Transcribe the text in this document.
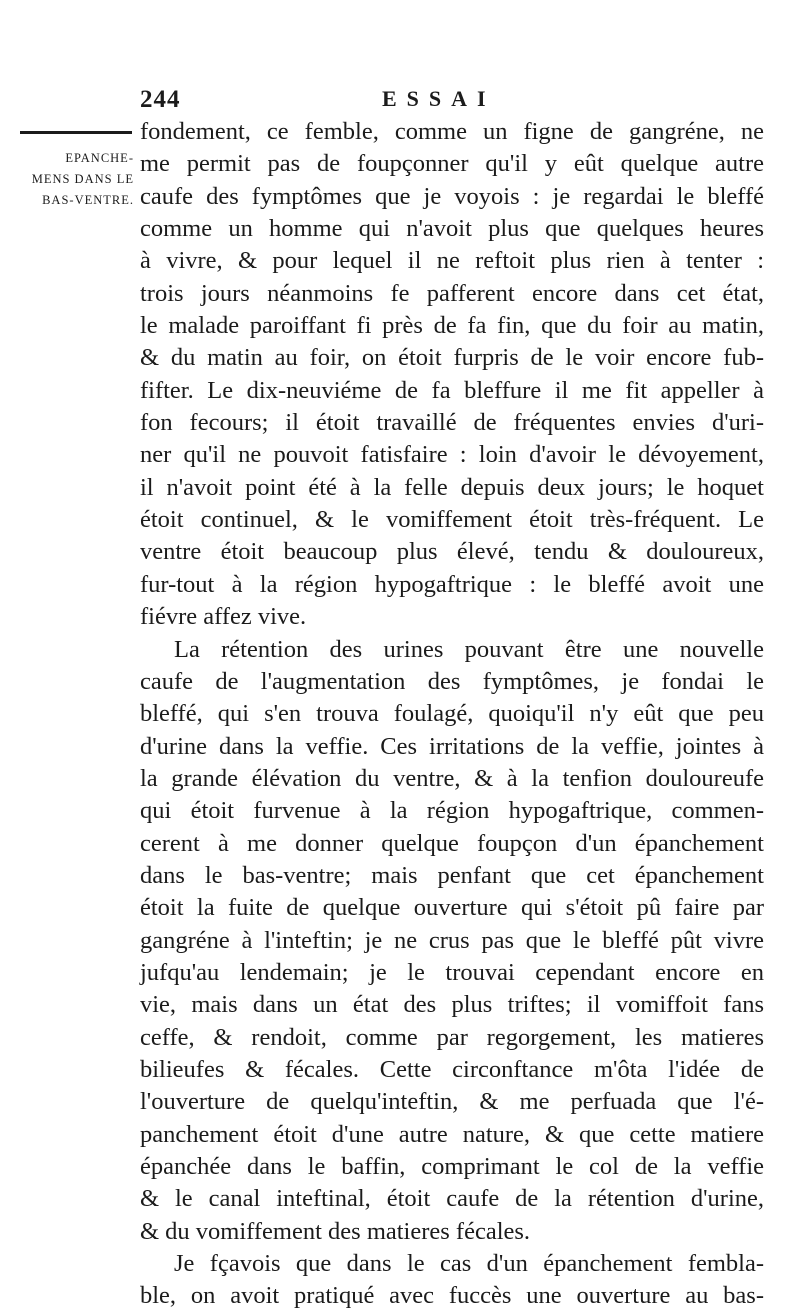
244	ESSAI
EPANCHE-
MENS DANS LE
BAS-VENTRE.
fondement, ce femble, comme un figne de gangréne, ne
me permit pas de foupçonner qu'il y eût quelque autre
caufe des fymptômes que je voyois : je regardai le bleffé
comme un homme qui n'avoit plus que quelques heures
à vivre, & pour lequel il ne reftoit plus rien à tenter :
trois jours néanmoins fe pafferent encore dans cet état,
le malade paroiffant fi près de fa fin, que du foir au matin,
& du matin au foir, on étoit furpris de le voir encore fub-
fifter. Le dix-neuviéme de fa bleffure il me fit appeller à
fon fecours; il étoit travaillé de fréquentes envies d'uri-
ner qu'il ne pouvoit fatisfaire : loin d'avoir le dévoyement,
il n'avoit point été à la felle depuis deux jours; le hoquet
étoit continuel, & le vomiffement étoit très-fréquent. Le
ventre étoit beaucoup plus élevé, tendu & douloureux,
fur-tout à la région hypogaftrique : le bleffé avoit une
fiévre affez vive.
La rétention des urines pouvant être une nouvelle
caufe de l'augmentation des fymptômes, je fondai le
bleffé, qui s'en trouva foulagé, quoiqu'il n'y eût que peu
d'urine dans la veffie. Ces irritations de la veffie, jointes à
la grande élévation du ventre, & à la tenfion douloureufe
qui étoit furvenue à la région hypogaftrique, commen-
cerent à me donner quelque foupçon d'un épanchement
dans le bas-ventre; mais penfant que cet épanchement
étoit la fuite de quelque ouverture qui s'étoit pû faire par
gangréne à l'inteftin; je ne crus pas que le bleffé pût vivre
jufqu'au lendemain; je le trouvai cependant encore en
vie, mais dans un état des plus triftes; il vomiffoit fans
ceffe, & rendoit, comme par regorgement, les matieres
bilieufes & fécales. Cette circonftance m'ôta l'idée de
l'ouverture de quelqu'inteftin, & me perfuada que l'é-
panchement étoit d'une autre nature, & que cette matiere
épanchée dans le baffin, comprimant le col de la veffie
& le canal inteftinal, étoit caufe de la rétention d'urine,
& du vomiffement des matieres fécales.
Je fçavois que dans le cas d'un épanchement fembla-
ble, on avoit pratiqué avec fuccès une ouverture au bas-
